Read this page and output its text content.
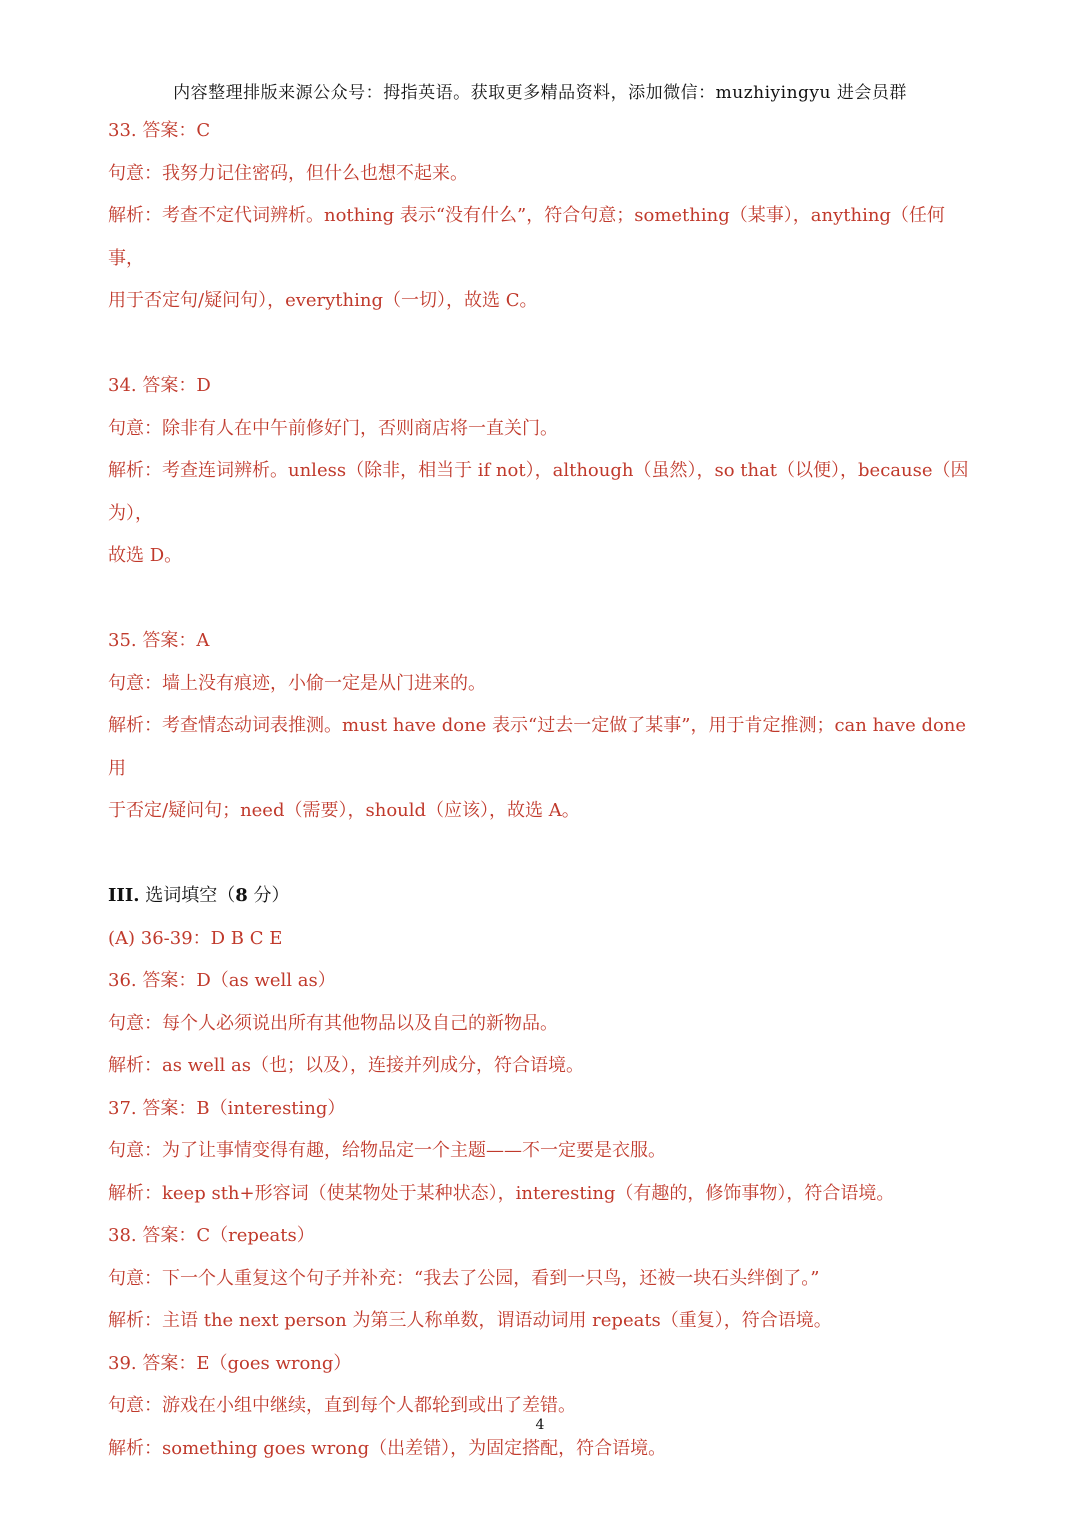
内容整理排版来源公众号：拇指英语。获取更多精品资料，添加微信：muzhiyingyu 进会员群

33. 答案：C

句意：我努力记住密码，但什么也想不起来。

解析：考查不定代词辨析。nothing 表示“没有什么”，符合句意；something（某事），anything（任何事，

用于否定句/疑问句），everything（一切），故选 C。

34. 答案：D

句意：除非有人在中午前修好门，否则商店将一直关门。

解析：考查连词辨析。unless（除非，相当于 if not），although（虽然），so that（以便），because（因为），

故选 D。

35. 答案：A

句意：墙上没有痕迹，小偷一定是从门进来的。

解析：考查情态动词表推测。must have done 表示“过去一定做了某事”，用于肯定推测；can have done 用

于否定/疑问句；need（需要），should（应该），故选 A。

III. 选词填空（8 分）

(A) 36-39：D B C E

36. 答案：D（as well as）

句意：每个人必须说出所有其他物品以及自己的新物品。

解析：as well as（也；以及），连接并列成分，符合语境。

37. 答案：B（interesting）

句意：为了让事情变得有趣，给物品定一个主题——不一定要是衣服。

解析：keep sth+形容词（使某物处于某种状态），interesting（有趣的，修饰事物），符合语境。

38. 答案：C（repeats）

句意：下一个人重复这个句子并补充：“我去了公园，看到一只鸟，还被一块石头绊倒了。”

解析：主语 the next person 为第三人称单数，谓语动词用 repeats（重复），符合语境。

39. 答案：E（goes wrong）

句意：游戏在小组中继续，直到每个人都轮到或出了差错。

解析：something goes wrong（出差错），为固定搭配，符合语境。

4
